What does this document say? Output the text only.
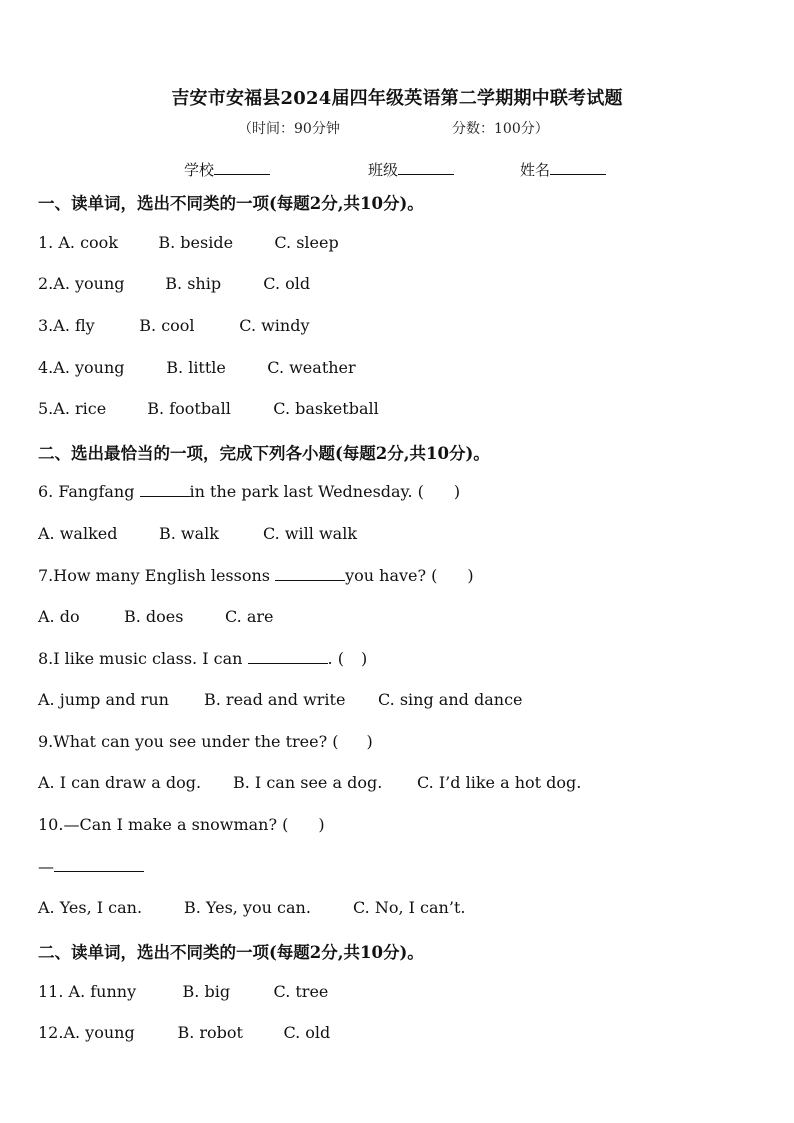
吉安市安福县2024届四年级英语第二学期期中联考试题
（时间：90分钟	分数：100分）
学校	班级	姓名
一、读单词，选出不同类的一项(每题2分,共10分)。
1. A. cook	B. beside	C. sleep
2.A. young	B. ship	C. old
3.A. fly	B. cool	C. windy
4.A. young	B. little	C. weather
5.A. rice	B. football	C. basketball
二、选出最恰当的一项，完成下列各小题(每题2分,共10分)。
6. Fangfang	in the park last Wednesday. ( )
A. walked	B. walk	C. will walk
7.How many English lessons	you have? ( )
A. do	B. does	C. are
8.I like music class. I can	. ( )
A. jump and run B. read and write C. sing and dance
9.What can you see under the tree? ( )
A. I can draw a dog. B. I can see a dog. C. I’d like a hot dog.
10.—Can I make a snowman? ( )
—
A. Yes, I can.	B. Yes, you can.	C. No, I can’t.
二、读单词，选出不同类的一项(每题2分,共10分)。
11. A. funny	B. big	C. tree
12.A. young	B. robot	C. old
